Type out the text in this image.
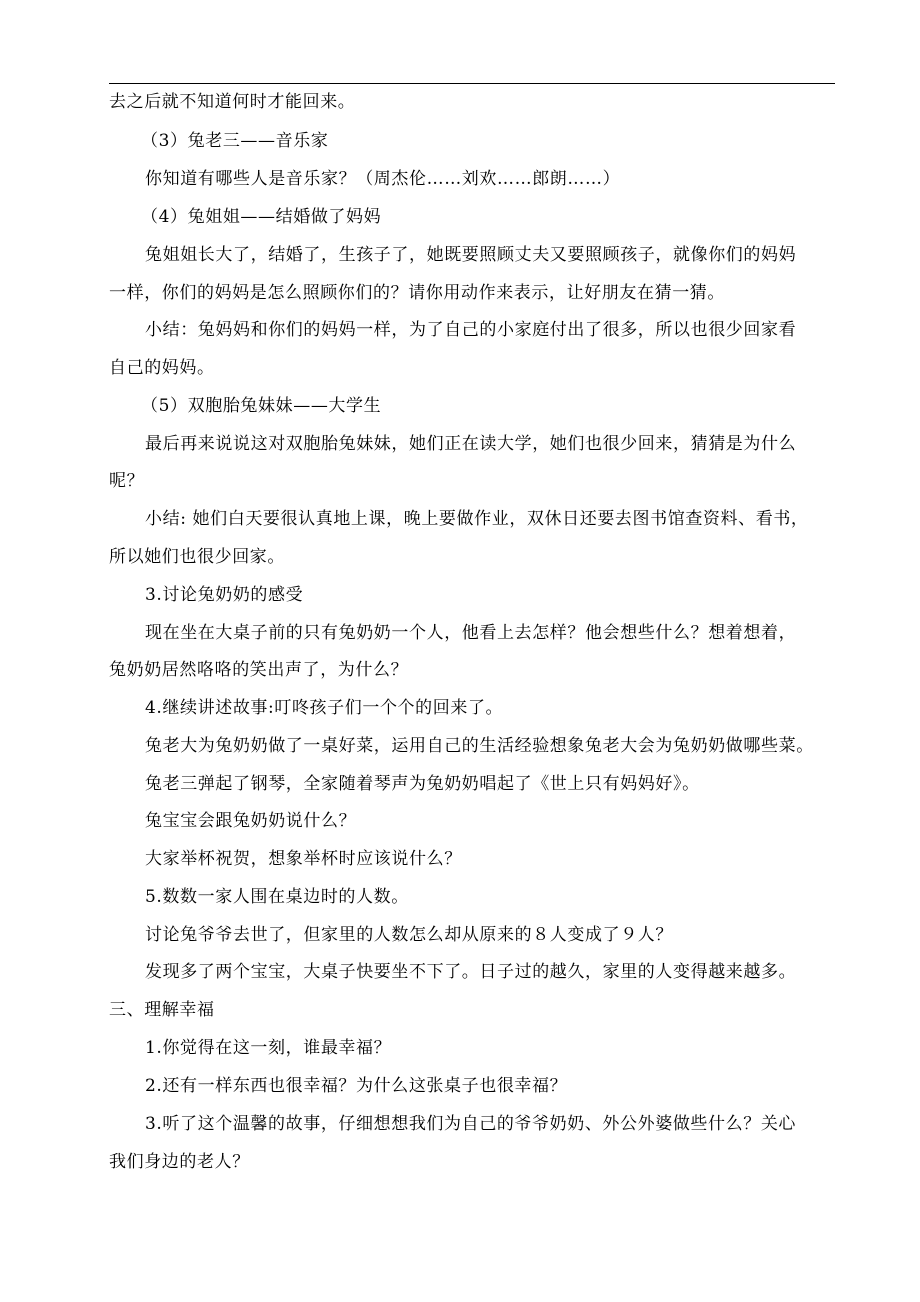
去之后就不知道何时才能回来。
（3）兔老三——音乐家
你知道有哪些人是音乐家？（周杰伦……刘欢……郎朗……）
（4）兔姐姐——结婚做了妈妈
兔姐姐长大了，结婚了，生孩子了，她既要照顾丈夫又要照顾孩子，就像你们的妈妈
一样，你们的妈妈是怎么照顾你们的？请你用动作来表示，让好朋友在猜一猜。
小结：兔妈妈和你们的妈妈一样，为了自己的小家庭付出了很多，所以也很少回家看
自己的妈妈。
（5）双胞胎兔妹妹——大学生
最后再来说说这对双胞胎兔妹妹，她们正在读大学，她们也很少回来，猜猜是为什么
呢？
小结: 她们白天要很认真地上课，晚上要做作业，双休日还要去图书馆查资料、看书，
所以她们也很少回家。
3.讨论兔奶奶的感受
现在坐在大桌子前的只有兔奶奶一个人，他看上去怎样？他会想些什么？想着想着，
兔奶奶居然咯咯的笑出声了，为什么？
4.继续讲述故事:叮咚孩子们一个个的回来了。
兔老大为兔奶奶做了一桌好菜，运用自己的生活经验想象兔老大会为兔奶奶做哪些菜。
兔老三弹起了钢琴，全家随着琴声为兔奶奶唱起了《世上只有妈妈好》。
兔宝宝会跟兔奶奶说什么？
大家举杯祝贺，想象举杯时应该说什么？
5.数数一家人围在桌边时的人数。
讨论兔爷爷去世了，但家里的人数怎么却从原来的８人变成了９人？
发现多了两个宝宝，大桌子快要坐不下了。日子过的越久，家里的人变得越来越多。
三、理解幸福
1.你觉得在这一刻，谁最幸福？
2.还有一样东西也很幸福？为什么这张桌子也很幸福？
3.听了这个温馨的故事，仔细想想我们为自己的爷爷奶奶、外公外婆做些什么？关心
我们身边的老人？
